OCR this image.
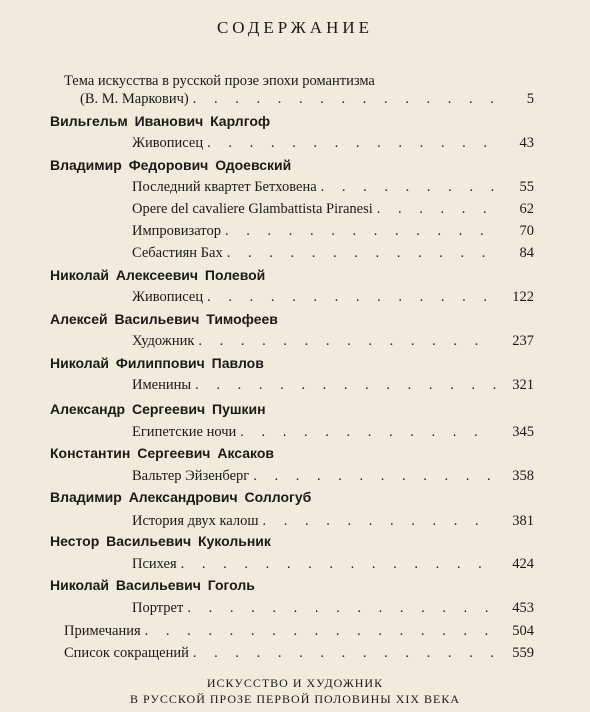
СОДЕРЖАНИЕ
Тема искусства в русской прозе эпохи романтизма
(В. М. Маркович) . . .	5
Вильгельм Иванович Карлгоф
Живописец . . .	43
Владимир Федорович Одоевский
Последний квартет Бетховена . . .	55
Opere del cavaliere Glambattista Piranesi . . .	62
Импровизатор . . .	70
Себастиян Бах . . .	84
Николай Алексеевич Полевой
Живописец . . .	122
Алексей Васильевич Тимофеев
Художник . . .	237
Николай Филиппович Павлов
Именины . . .	321
Александр Сергеевич Пушкин
Египетские ночи . . .	345
Константин Сергеевич Аксаков
Вальтер Эйзенберг . . .	358
Владимир Александрович Соллогуб
История двух калош . . .	381
Нестор Васильевич Кукольник
Психея . . .	424
Николай Васильевич Гоголь
Портрет . . .	453
Примечания . . .	504
Список сокращений . . .	559
ИСКУССТВО И ХУДОЖНИК
В РУССКОЙ ПРОЗЕ ПЕРВОЙ ПОЛОВИНЫ XIX ВЕКА
